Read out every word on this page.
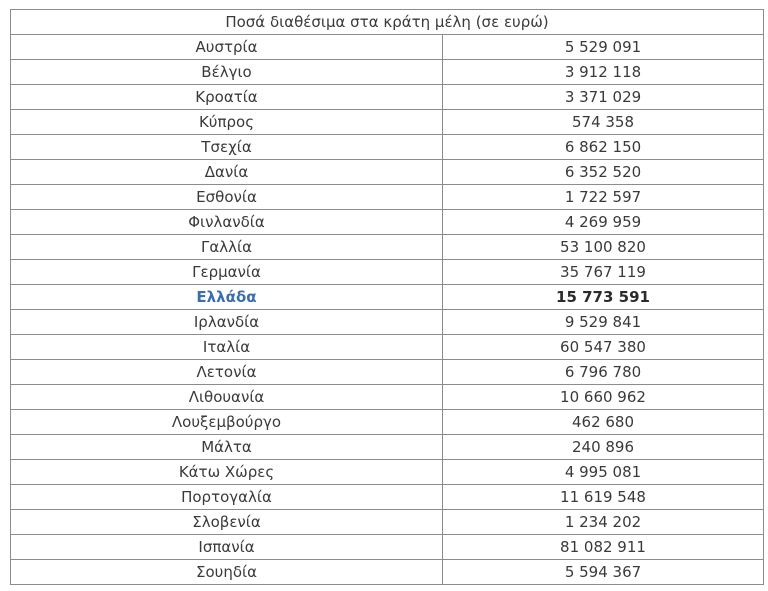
Ποσά διαθέσιμα στα κράτη μέλη (σε ευρώ)	
Αυστρία	5 529 091
Βέλγιο	3 912 118
Κροατία	3 371 029
Κύπρος	574 358
Τσεχία	6 862 150
Δανία	6 352 520
Εσθονία	1 722 597
Φινλανδία	4 269 959
Γαλλία	53 100 820
Γερμανία	35 767 119
Ελλάδα	15 773 591
Ιρλανδία	9 529 841
Ιταλία	60 547 380
Λετονία	6 796 780
Λιθουανία	10 660 962
Λουξεμβούργο	462 680
Μάλτα	240 896
Κάτω Χώρες	4 995 081
Πορτογαλία	11 619 548
Σλοβενία	1 234 202
Ισπανία	81 082 911
Σουηδία	5 594 367
